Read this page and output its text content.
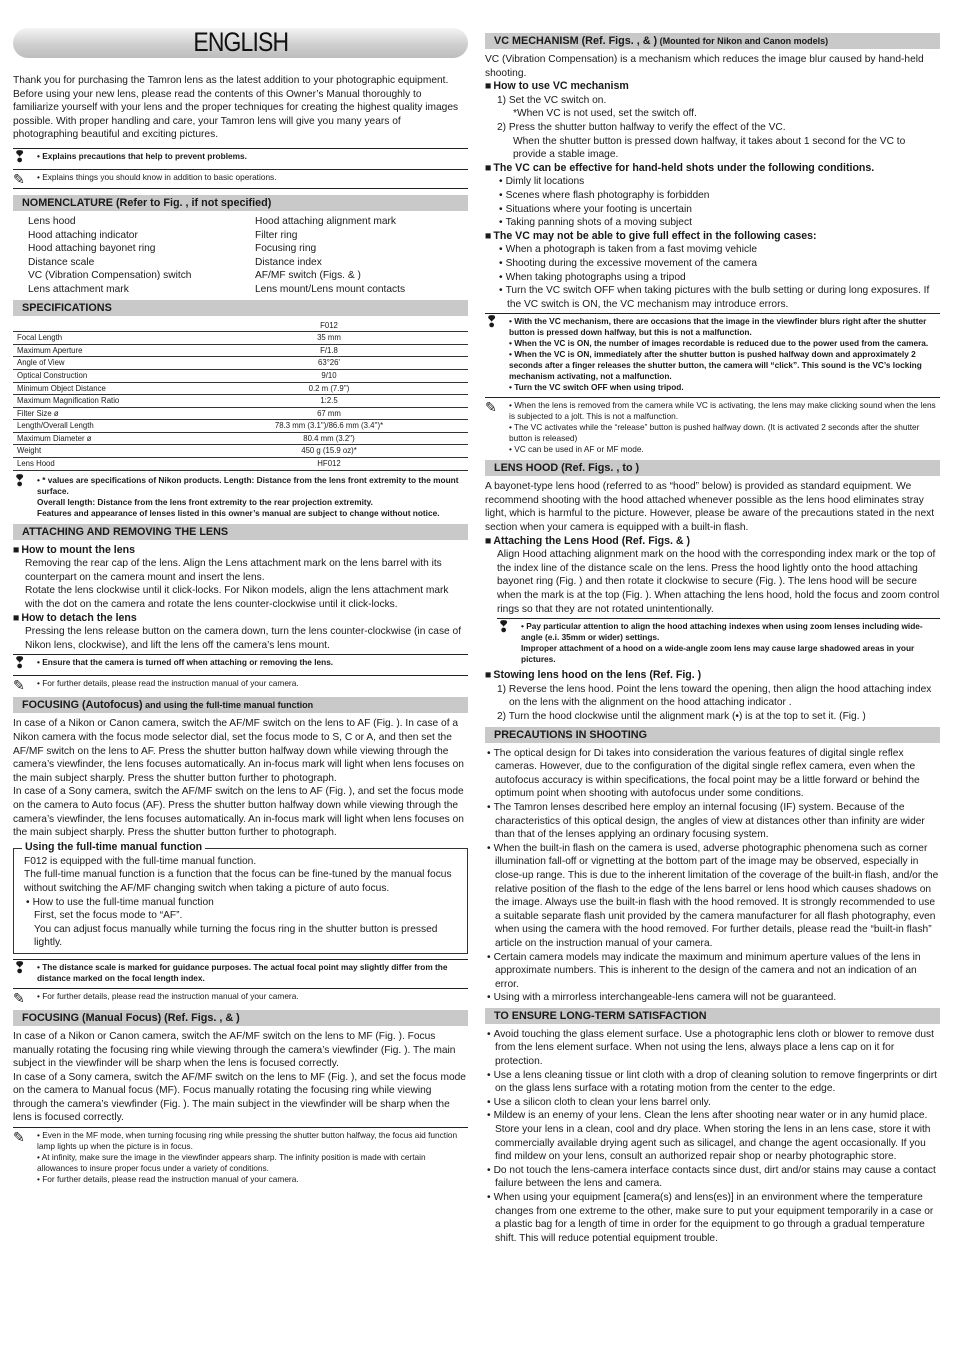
ENGLISH

Thank you for purchasing the Tamron lens as the latest addition to your photographic equipment. Before using your new lens, please read the contents of this Owner’s Manual thoroughly to familiarize yourself with your lens and the proper techniques for creating the highest quality images possible. With proper handling and care, your Tamron lens will give you many years of photographing beautiful and exciting pictures.

❢	• Explains precautions that help to prevent problems.
✎	• Explains things you should know in addition to basic operations.
NOMENCLATURE (Refer to Fig. , if not specified)
Lens hood	Hood attaching alignment mark
Hood attaching indicator	Filter ring
Hood attaching bayonet ring	Focusing ring
Distance scale	Distance index
VC (Vibration Compensation) switch	AF/MF switch (Figs. & )
Lens attachment mark	Lens mount/Lens mount contacts
SPECIFICATIONS
	F012
Focal Length	35 mm
Maximum Aperture	F/1.8
Angle of View	63°26'
Optical Construction	9/10
Minimum Object Distance	0.2 m (7.9'')
Maximum Magnification Ratio	1:2.5
Filter Size ø	67 mm
Length/Overall Length	78.3 mm (3.1'')/86.6 mm (3.4'')*
Maximum Diameter ø	80.4 mm (3.2'')
Weight	450 g (15.9 oz)*
Lens Hood	HF012
❢	• * values are specifications of Nikon products. Length: Distance from the lens front extremity to the mount surface.
Overall length: Distance from the lens front extremity to the rear projection extremity.
Features and appearance of lenses listed in this owner’s manual are subject to change without notice.
ATTACHING AND REMOVING THE LENS
■ How to mount the lens

Removing the rear cap of the lens. Align the Lens attachment mark on the lens barrel with its counterpart on the camera mount and insert the lens.
Rotate the lens clockwise until it click-locks. For Nikon models, align the lens attachment mark with the dot on the camera and rotate the lens counter-clockwise until it click-locks.

■ How to detach the lens

Pressing the lens release button on the camera down, turn the lens counter-clockwise (in case of Nikon lens, clockwise), and lift the lens off the camera’s lens mount.

❢	• Ensure that the camera is turned off when attaching or removing the lens.
✎	• For further details, please read the instruction manual of your camera.
FOCUSING (Autofocus) and using the full-time manual function

In case of a Nikon or Canon camera, switch the AF/MF switch on the lens to AF (Fig. ). In case of a Nikon camera with the focus mode selector dial, set the focus mode to S, C or A, and then set the AF/MF switch on the lens to AF. Press the shutter button halfway down while viewing through the camera’s viewfinder, the lens focuses automatically. An in-focus mark will light when lens focuses on the main subject sharply. Press the shutter button further to photograph.

In case of a Sony camera, switch the AF/MF switch on the lens to AF (Fig. ), and set the focus mode on the camera to Auto focus (AF). Press the shutter button halfway down while viewing through the camera’s viewfinder, the lens focuses automatically. An in-focus mark will light when lens focuses on the main subject sharply. Press the shutter button further to photograph.

Using the full-time manual function

F012 is equipped with the full-time manual function.

The full-time manual function is a function that the focus can be fine-tuned by the manual focus without switching the AF/MF changing switch when taking a picture of auto focus.

• How to use the full-time manual function

First, set the focus mode to “AF”.

You can adjust focus manually while turning the focus ring in the shutter button is pressed lightly.

❢	• The distance scale is marked for guidance purposes. The actual focal point may slightly differ from the distance marked on the focal length index.
✎	• For further details, please read the instruction manual of your camera.
FOCUSING (Manual Focus) (Ref. Figs. , & )

In case of a Nikon or Canon camera, switch the AF/MF switch on the lens to MF (Fig. ). Focus manually rotating the focusing ring while viewing through the camera’s viewfinder (Fig. ). The main subject in the viewfinder will be sharp when the lens is focused correctly.

In case of a Sony camera, switch the AF/MF switch on the lens to MF (Fig. ), and set the focus mode on the camera to Manual focus (MF). Focus manually rotating the focusing ring while viewing through the camera’s viewfinder (Fig. ). The main subject in the viewfinder will be sharp when the lens is focused correctly.

✎	• Even in the MF mode, when turning focusing ring while pressing the shutter button halfway, the focus aid function lamp lights up when the picture is in focus.
• At infinity, make sure the image in the viewfinder appears sharp. The infinity position is made with certain allowances to insure proper focus under a variety of conditions.
• For further details, please read the instruction manual of your camera.
VC MECHANISM (Ref. Figs. , & ) (Mounted for Nikon and Canon models)

VC (Vibration Compensation) is a mechanism which reduces the image blur caused by hand-held shooting.

■ How to use VC mechanism

1) Set the VC switch on.

*When VC is not used, set the switch off.

2) Press the shutter button halfway to verify the effect of the VC.

When the shutter button is pressed down halfway, it takes about 1 second for the VC to provide a stable image.

■ The VC can be effective for hand-held shots under the following conditions.

• Dimly lit locations

• Scenes where flash photography is forbidden

• Situations where your footing is uncertain

• Taking panning shots of a moving subject

■ The VC may not be able to give full effect in the following cases:

• When a photograph is taken from a fast movimg vehicle

• Shooting during the excessive movement of the camera

• When taking photographs using a tripod

• Turn the VC switch OFF when taking pictures with the bulb setting or during long exposures. If the VC switch is ON, the VC mechanism may introduce errors.

❢	• With the VC mechanism, there are occasions that the image in the viewfinder blurs right after the shutter button is pressed down halfway, but this is not a malfunction.
• When the VC is ON, the number of images recordable is reduced due to the power used from the camera.
• When the VC is ON, immediately after the shutter button is pushed halfway down and approximately 2 seconds after a finger releases the shutter button, the camera will “click”. This sound is the VC’s locking mechanism activating, not a malfunction.
• Turn the VC switch OFF when using tripod.
✎	• When the lens is removed from the camera while VC is activating, the lens may make clicking sound when the lens is subjected to a jolt. This is not a malfunction.
• The VC activates while the “release” button is pushed halfway down. (It is activated 2 seconds after the shutter button is released)
• VC can be used in AF or MF mode.
LENS HOOD (Ref. Figs. , to )

A bayonet-type lens hood (referred to as “hood” below) is provided as standard equipment. We recommend shooting with the hood attached whenever possible as the lens hood eliminates stray light, which is harmful to the picture. However, please be aware of the precautions stated in the next section when your camera is equipped with a built-in flash.

■ Attaching the Lens Hood (Ref. Figs. & )

Align Hood attaching alignment mark on the hood with the corresponding index mark or the top of the index line of the distance scale on the lens. Press the hood lightly onto the hood attaching bayonet ring (Fig. ) and then rotate it clockwise to secure (Fig. ). The lens hood will be secure when the mark is at the top (Fig. ). When attaching the lens hood, hold the focus and zoom control rings so that they are not rotated unintentionally.

❢	• Pay particular attention to align the hood attaching indexes when using zoom lenses including wide-angle (e.i. 35mm or wider) settings.
Improper attachment of a hood on a wide-angle zoom lens may cause large shadowed areas in your pictures.
■ Stowing lens hood on the lens (Ref. Fig. )

1) Reverse the lens hood. Point the lens toward the opening, then align the hood attaching index on the lens with the alignment on the hood attaching indicator .

2) Turn the hood clockwise until the alignment mark (•) is at the top to set it. (Fig. )

PRECAUTIONS IN SHOOTING

• The optical design for Di takes into consideration the various features of digital single reflex cameras. However, due to the configuration of the digital single reflex camera, even when the autofocus accuracy is within specifications, the focal point may be a little forward or behind the optimum point when shooting with autofocus under some conditions.

• The Tamron lenses described here employ an internal focusing (IF) system. Because of the characteristics of this optical design, the angles of view at distances other than infinity are wider than that of the lenses applying an ordinary focusing system.

• When the built-in flash on the camera is used, adverse photographic phenomena such as corner illumination fall-off or vignetting at the bottom part of the image may be observed, especially in close-up range. This is due to the inherent limitation of the coverage of the built-in flash, and/or the relative position of the flash to the edge of the lens barrel or lens hood which causes shadows on the image. Always use the built-in flash with the hood removed. It is strongly recommended to use a suitable separate flash unit provided by the camera manufacturer for all flash photography, even when using the camera with the hood removed. For further details, please read the “built-in flash” article on the instruction manual of your camera.

• Certain camera models may indicate the maximum and minimum aperture values of the lens in approximate numbers. This is inherent to the design of the camera and not an indication of an error.

• Using with a mirrorless interchangeable-lens camera will not be guaranteed.

TO ENSURE LONG-TERM SATISFACTION

• Avoid touching the glass element surface. Use a photographic lens cloth or blower to remove dust from the lens element surface. When not using the lens, always place a lens cap on it for protection.

• Use a lens cleaning tissue or lint cloth with a drop of cleaning solution to remove fingerprints or dirt on the glass lens surface with a rotating motion from the center to the edge.

• Use a silicon cloth to clean your lens barrel only.

• Mildew is an enemy of your lens. Clean the lens after shooting near water or in any humid place. Store your lens in a clean, cool and dry place. When storing the lens in an lens case, store it with commercially available drying agent such as silicagel, and change the agent occasionally. If you find mildew on your lens, consult an authorized repair shop or nearby photographic store.

• Do not touch the lens-camera interface contacts since dust, dirt and/or stains may cause a contact failure between the lens and camera.

• When using your equipment [camera(s) and lens(es)] in an environment where the temperature changes from one extreme to the other, make sure to put your equipment temporarily in a case or a plastic bag for a length of time in order for the equipment to go through a gradual temperature shift. This will reduce potential equipment trouble.
